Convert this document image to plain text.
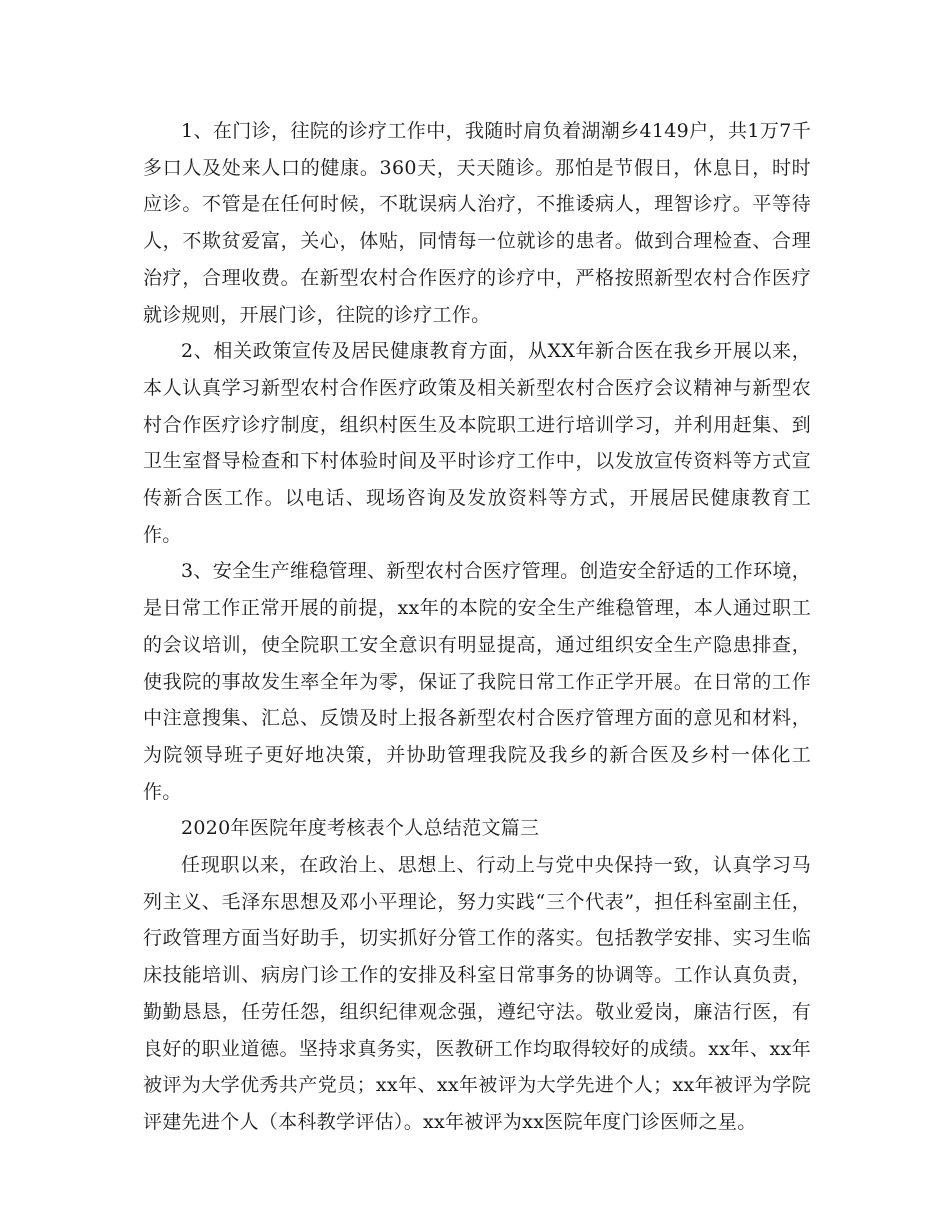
1、在门诊，往院的诊疗工作中，我随时肩负着湖潮乡4149户，共1万7千多口人及处来人口的健康。360天，天天随诊。那怕是节假日，休息日，时时应诊。不管是在任何时候，不耽误病人治疗，不推诿病人，理智诊疗。平等待人，不欺贫爱富，关心，体贴，同情每一位就诊的患者。做到合理检查、合理治疗，合理收费。在新型农村合作医疗的诊疗中，严格按照新型农村合作医疗就诊规则，开展门诊，往院的诊疗工作。

2、相关政策宣传及居民健康教育方面，从XX年新合医在我乡开展以来，本人认真学习新型农村合作医疗政策及相关新型农村合医疗会议精神与新型农村合作医疗诊疗制度，组织村医生及本院职工进行培训学习，并利用赶集、到卫生室督导检查和下村体验时间及平时诊疗工作中，以发放宣传资料等方式宣传新合医工作。以电话、现场咨询及发放资料等方式，开展居民健康教育工作。

3、安全生产维稳管理、新型农村合医疗管理。创造安全舒适的工作环境，是日常工作正常开展的前提，xx年的本院的安全生产维稳管理，本人通过职工的会议培训，使全院职工安全意识有明显提高，通过组织安全生产隐患排查，使我院的事故发生率全年为零，保证了我院日常工作正学开展。在日常的工作中注意搜集、汇总、反馈及时上报各新型农村合医疗管理方面的意见和材料，为院领导班子更好地决策，并协助管理我院及我乡的新合医及乡村一体化工作。

2020年医院年度考核表个人总结范文篇三

任现职以来，在政治上、思想上、行动上与党中央保持一致，认真学习马列主义、毛泽东思想及邓小平理论，努力实践“三个代表”，担任科室副主任，行政管理方面当好助手，切实抓好分管工作的落实。包括教学安排、实习生临床技能培训、病房门诊工作的安排及科室日常事务的协调等。工作认真负责，勤勤恳恳，任劳任怨，组织纪律观念强，遵纪守法。敬业爱岗，廉洁行医，有良好的职业道德。坚持求真务实，医教研工作均取得较好的成绩。xx年、xx年被评为大学优秀共产党员；xx年、xx年被评为大学先进个人；xx年被评为学院评建先进个人（本科教学评估）。xx年被评为xx医院年度门诊医师之星。
